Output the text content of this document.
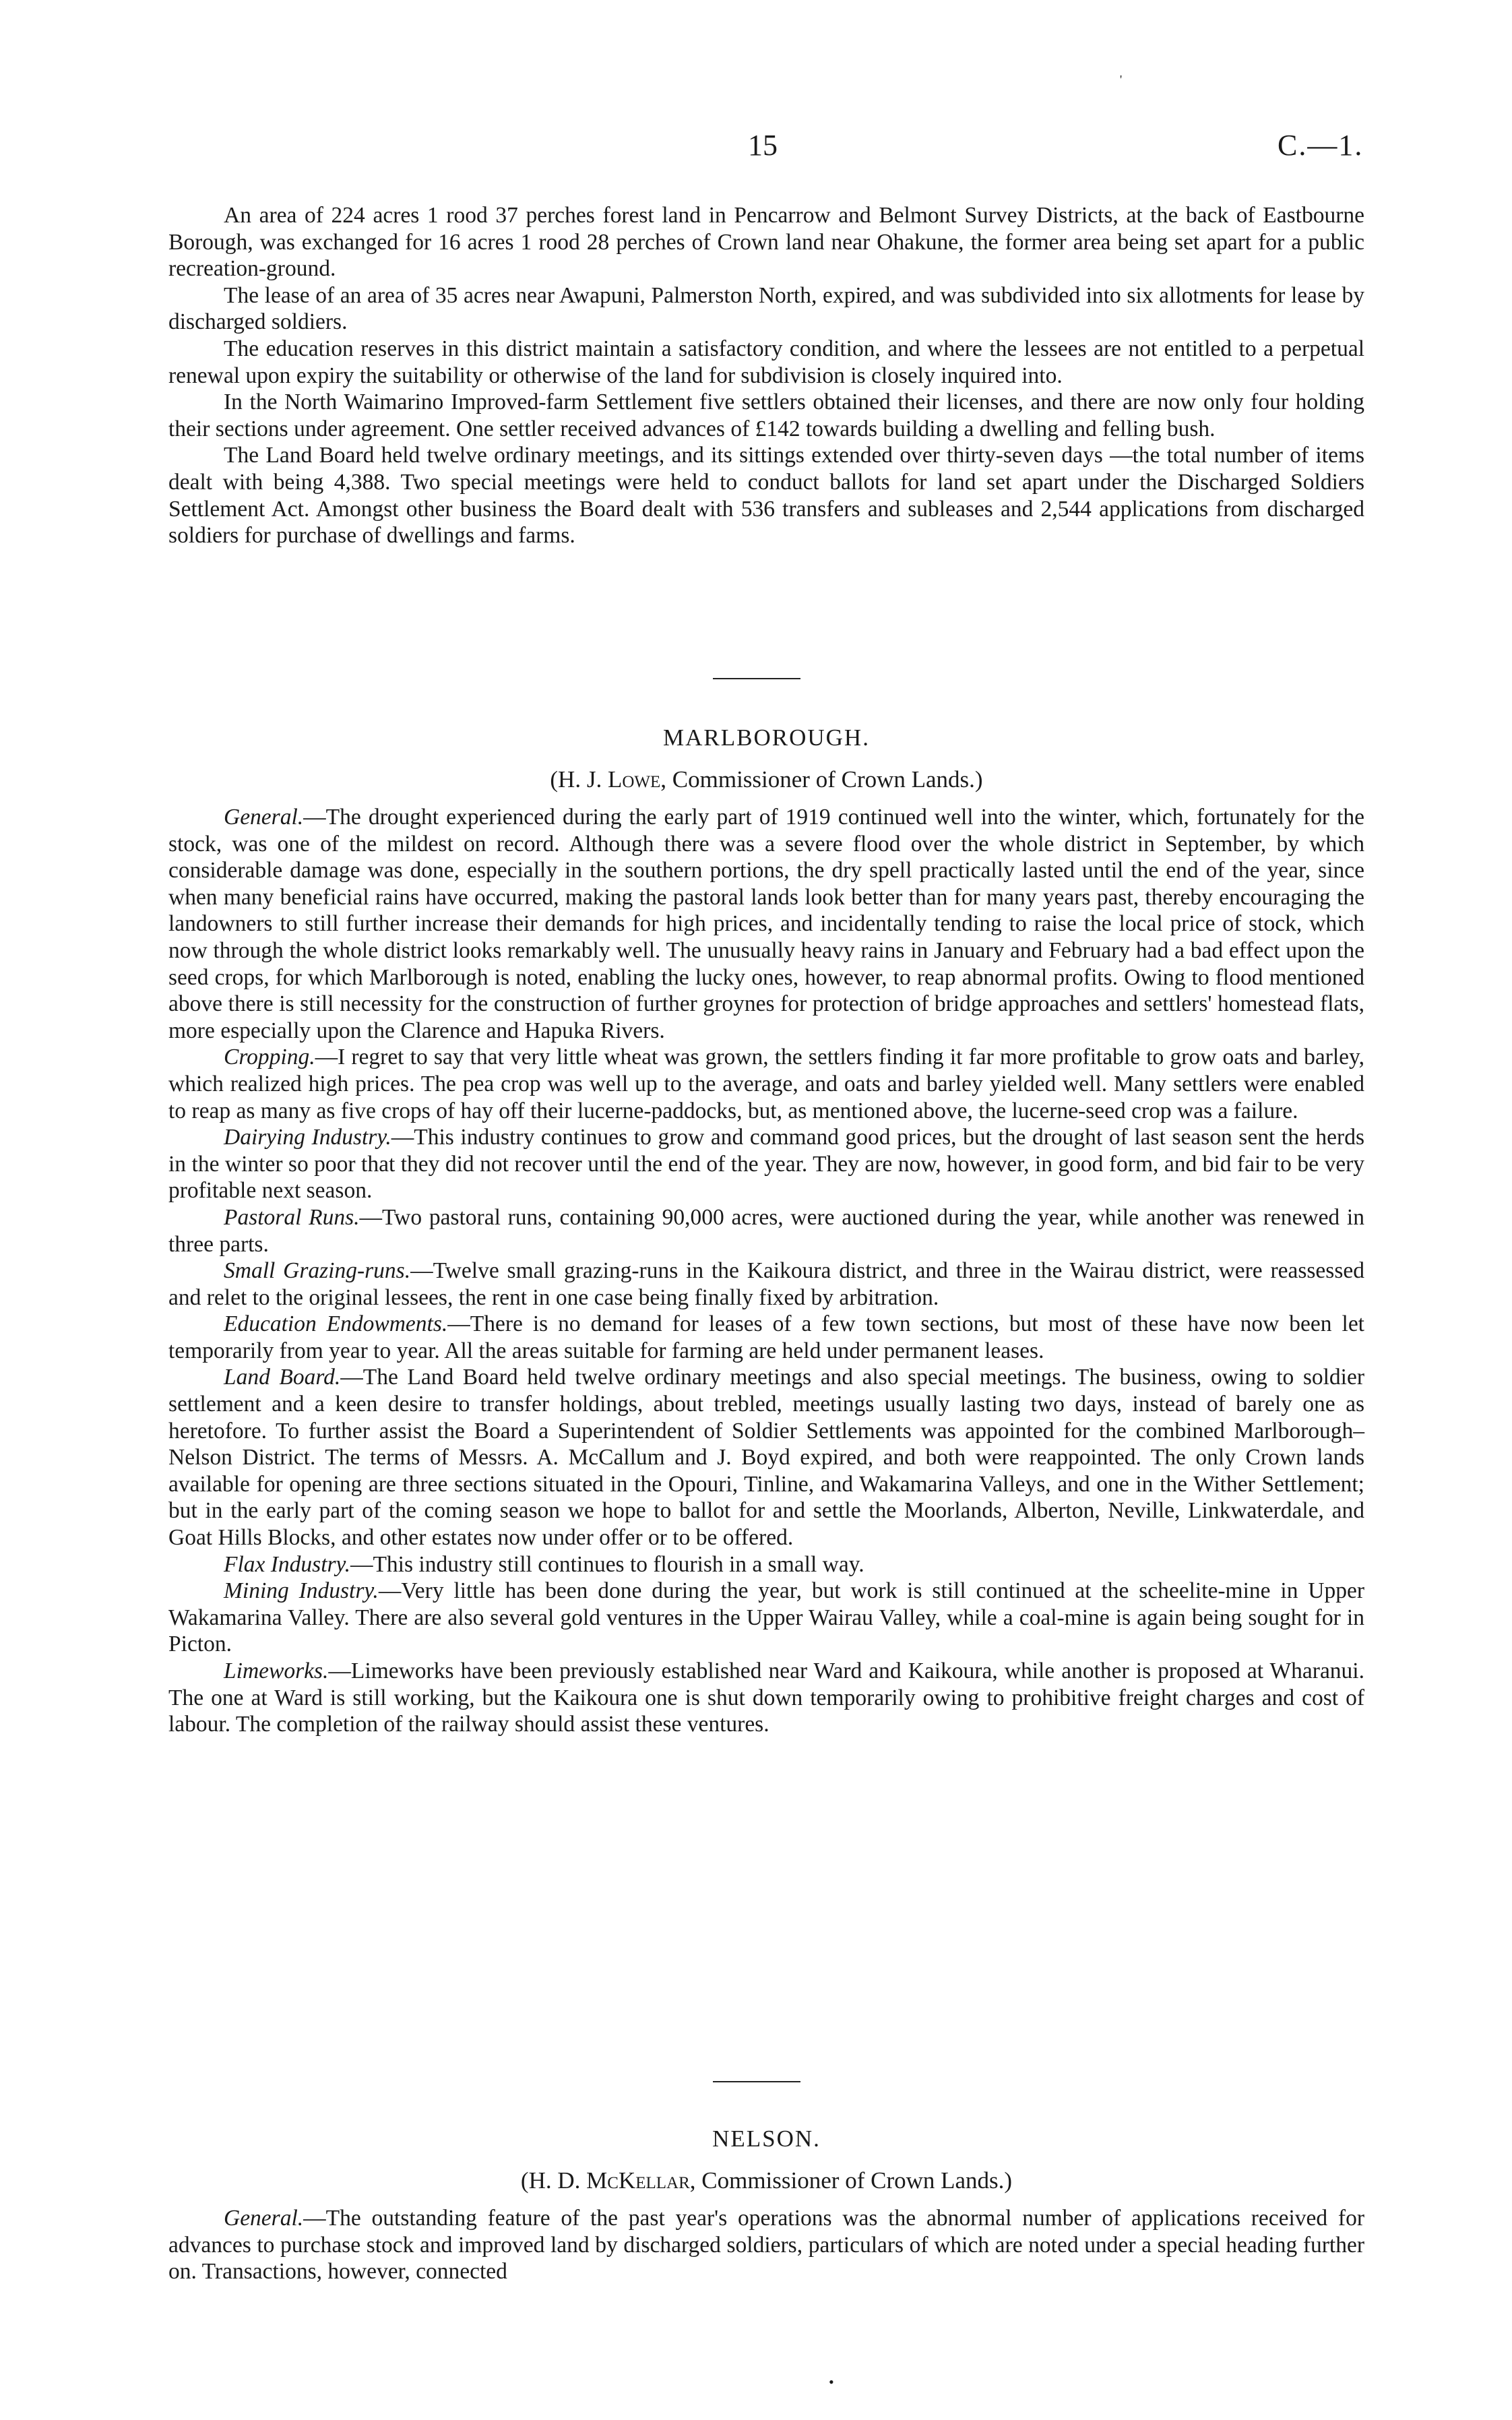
'
15	C.—1.

An area of 224 acres 1 rood 37 perches forest land in Pencarrow and Belmont Survey Districts, at the back of Eastbourne Borough, was exchanged for 16 acres 1 rood 28 perches of Crown land near Ohakune, the former area being set apart for a public recreation-ground.

The lease of an area of 35 acres near Awapuni, Palmerston North, expired, and was subdivided into six allotments for lease by discharged soldiers.

The education reserves in this district maintain a satisfactory condition, and where the lessees are not entitled to a perpetual renewal upon expiry the suitability or otherwise of the land for subdivision is closely inquired into.

In the North Waimarino Improved-farm Settlement five settlers obtained their licenses, and there are now only four holding their sections under agreement. One settler received advances of £142 towards building a dwelling and felling bush.

The Land Board held twelve ordinary meetings, and its sittings extended over thirty-seven days —the total number of items dealt with being 4,388. Two special meetings were held to conduct ballots for land set apart under the Discharged Soldiers Settlement Act. Amongst other business the Board dealt with 536 transfers and subleases and 2,544 applications from discharged soldiers for purchase of dwellings and farms.

MARLBOROUGH.
(H. J. Lowe, Commissioner of Crown Lands.)

General.—The drought experienced during the early part of 1919 continued well into the winter, which, fortunately for the stock, was one of the mildest on record. Although there was a severe flood over the whole district in September, by which considerable damage was done, especially in the southern portions, the dry spell practically lasted until the end of the year, since when many beneficial rains have occurred, making the pastoral lands look better than for many years past, thereby encouraging the landowners to still further increase their demands for high prices, and incidentally tending to raise the local price of stock, which now through the whole district looks remarkably well. The unusually heavy rains in January and February had a bad effect upon the seed crops, for which Marlborough is noted, enabling the lucky ones, however, to reap abnormal profits. Owing to flood mentioned above there is still necessity for the construction of further groynes for protection of bridge approaches and settlers' homestead flats, more especially upon the Clarence and Hapuka Rivers.

Cropping.—I regret to say that very little wheat was grown, the settlers finding it far more profitable to grow oats and barley, which realized high prices. The pea crop was well up to the average, and oats and barley yielded well. Many settlers were enabled to reap as many as five crops of hay off their lucerne-paddocks, but, as mentioned above, the lucerne-seed crop was a failure.

Dairying Industry.—This industry continues to grow and command good prices, but the drought of last season sent the herds in the winter so poor that they did not recover until the end of the year. They are now, however, in good form, and bid fair to be very profitable next season.

Pastoral Runs.—Two pastoral runs, containing 90,000 acres, were auctioned during the year, while another was renewed in three parts.

Small Grazing-runs.—Twelve small grazing-runs in the Kaikoura district, and three in the Wairau district, were reassessed and relet to the original lessees, the rent in one case being finally fixed by arbitration.

Education Endowments.—There is no demand for leases of a few town sections, but most of these have now been let temporarily from year to year. All the areas suitable for farming are held under permanent leases.

Land Board.—The Land Board held twelve ordinary meetings and also special meetings. The business, owing to soldier settlement and a keen desire to transfer holdings, about trebled, meetings usually lasting two days, instead of barely one as heretofore. To further assist the Board a Superintendent of Soldier Settlements was appointed for the combined Marlborough–Nelson District. The terms of Messrs. A. McCallum and J. Boyd expired, and both were reappointed. The only Crown lands available for opening are three sections situated in the Opouri, Tinline, and Wakamarina Valleys, and one in the Wither Settlement; but in the early part of the coming season we hope to ballot for and settle the Moorlands, Alberton, Neville, Linkwaterdale, and Goat Hills Blocks, and other estates now under offer or to be offered.

Flax Industry.—This industry still continues to flourish in a small way.

Mining Industry.—Very little has been done during the year, but work is still continued at the scheelite-mine in Upper Wakamarina Valley. There are also several gold ventures in the Upper Wairau Valley, while a coal-mine is again being sought for in Picton.

Limeworks.—Limeworks have been previously established near Ward and Kaikoura, while another is proposed at Wharanui. The one at Ward is still working, but the Kaikoura one is shut down temporarily owing to prohibitive freight charges and cost of labour. The completion of the railway should assist these ventures.

NELSON.
(H. D. McKellar, Commissioner of Crown Lands.)

General.—The outstanding feature of the past year's operations was the abnormal number of applications received for advances to purchase stock and improved land by discharged soldiers, particulars of which are noted under a special heading further on. Transactions, however, connected

•
